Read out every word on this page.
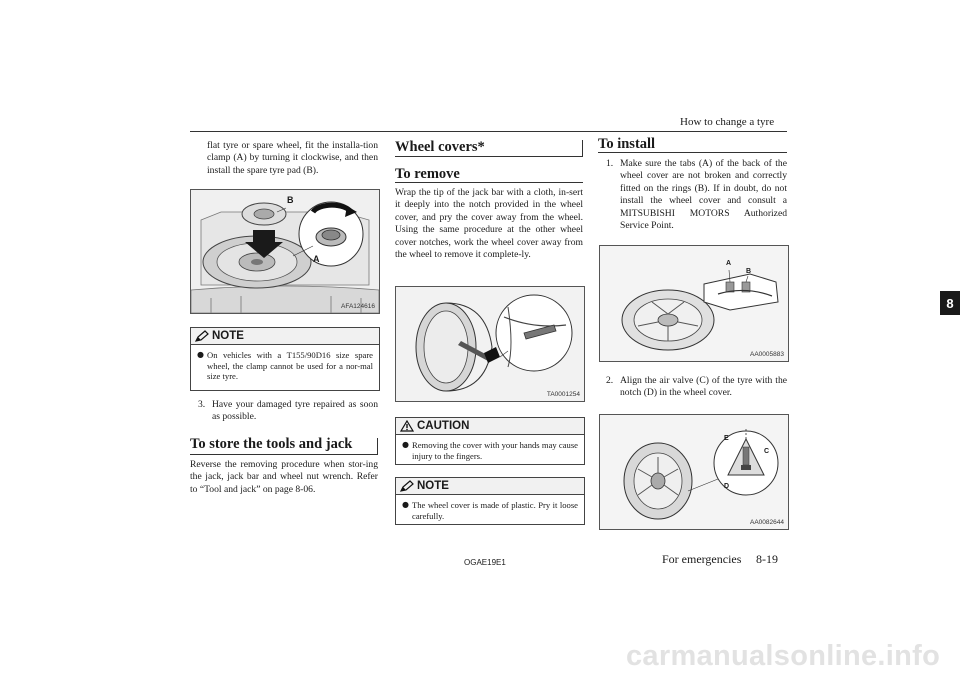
How to change a tyre
flat tyre or spare wheel, fit the installa-tion clamp (A) by turning it clockwise, and then install the spare tyre pad (B).
B
A
AFA124616
NOTE
● On vehicles with a T155/90D16 size spare wheel, the clamp cannot be used for a nor-mal size tyre.
3. Have your damaged tyre repaired as soon as possible.
To store the tools and jack
Reverse the removing procedure when stor-ing the jack, jack bar and wheel nut wrench. Refer to “Tool and jack” on page 8-06.
Wheel covers*
To remove
Wrap the tip of the jack bar with a cloth, in-sert it deeply into the notch provided in the wheel cover, and pry the cover away from the wheel. Using the same procedure at the other wheel cover notches, work the wheel cover away from the wheel to remove it complete-ly.
TA0001254
CAUTION
● Removing the cover with your hands may cause injury to the fingers.
NOTE
● The wheel cover is made of plastic. Pry it loose carefully.
To install
1. Make sure the tabs (A) of the back of the wheel cover are not broken and correctly fitted on the rings (B). If in doubt, do not install the wheel cover and consult a MITSUBISHI MOTORS Authorized Service Point.
A
B
AA0005883
2. Align the air valve (C) of the tyre with the notch (D) in the wheel cover.
E
C
D
AA0082644
OGAE19E1	For emergencies 8-19
carmanualsonline.info
8
